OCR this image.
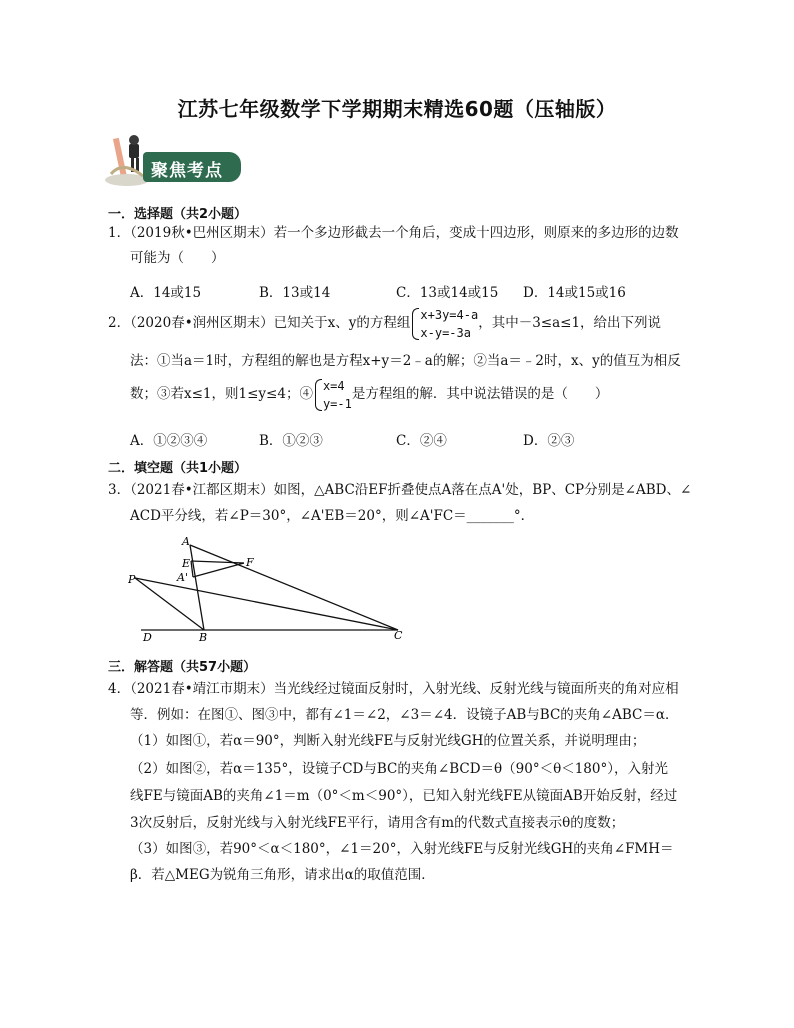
江苏七年级数学下学期期末精选60题（压轴版）
聚焦考点
一．选择题（共2小题）
1．（2019秋•巴州区期末）若一个多边形截去一个角后，变成十四边形，则原来的多边形的边数
可能为（　　）
A．14或15	B．13或14	C．13或14或15 D．14或15或16
2．（2020春•润州区期末）已知关于x、y的方程组
x+3y=4-a
x-y=-3a
，其中－3≤a≤1，给出下列说
法：①当a＝1时，方程组的解也是方程x+y＝2﹣a的解；②当a＝﹣2时，x、y的值互为相反
数；③若x≤1，则1≤y≤4；④
x=4
y=-1
是方程组的解．其中说法错误的是（　　）
A．①②③④	B．①②③	C．②④	D．②③
二．填空题（共1小题）
3．（2021春•江都区期末）如图，△ABC沿EF折叠使点A落在点A'处，BP、CP分别是∠ABD、∠
ACD平分线，若∠P＝30°，∠A'EB＝20°，则∠A'FC＝_______°．
A
E
A'
F
P
D	B	C
三．解答题（共57小题）
4．（2021春•靖江市期末）当光线经过镜面反射时，入射光线、反射光线与镜面所夹的角对应相
等．例如：在图①、图③中，都有∠1＝∠2，∠3＝∠4．设镜子AB与BC的夹角∠ABC＝α．
（1）如图①，若α＝90°，判断入射光线FE与反射光线GH的位置关系，并说明理由；
（2）如图②，若α＝135°，设镜子CD与BC的夹角∠BCD＝θ（90°＜θ＜180°），入射光
线FE与镜面AB的夹角∠1＝m（0°＜m＜90°），已知入射光线FE从镜面AB开始反射，经过
3次反射后，反射光线与入射光线FE平行，请用含有m的代数式直接表示θ的度数；
（3）如图③，若90°＜α＜180°，∠1＝20°，入射光线FE与反射光线GH的夹角∠FMH＝
β．若△MEG为锐角三角形，请求出α的取值范围．
